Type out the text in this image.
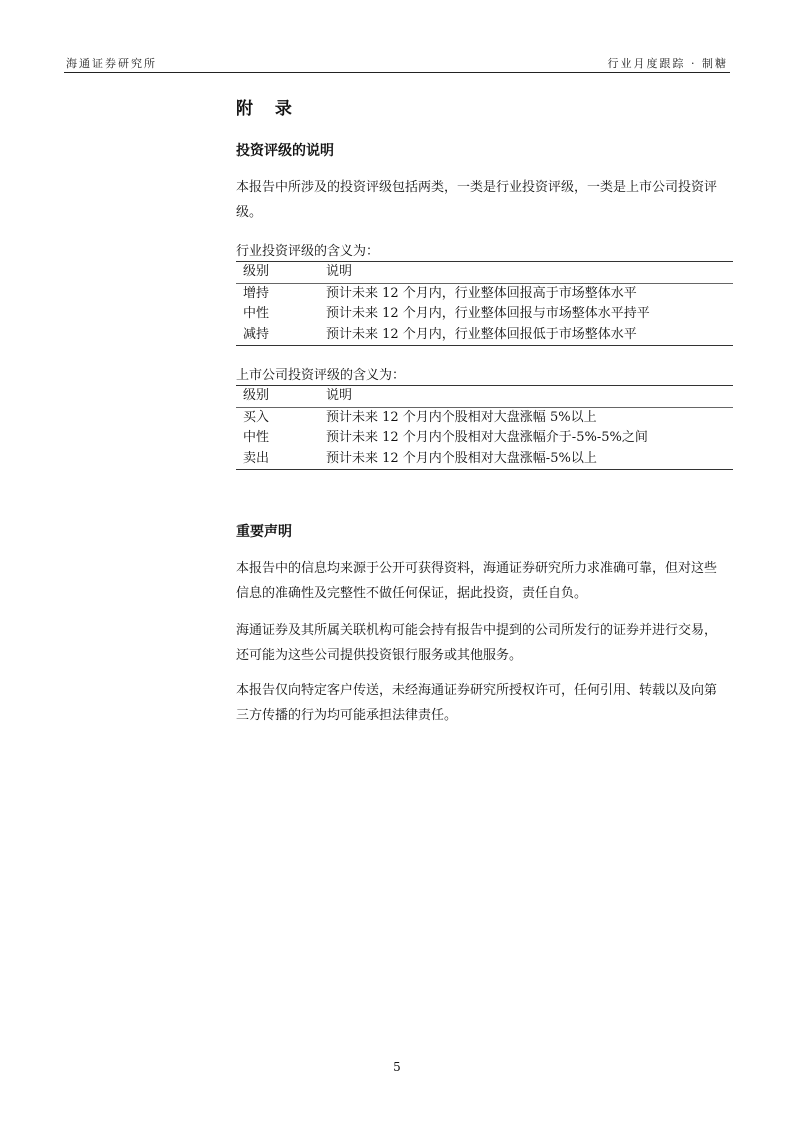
海通证券研究所	行业月度跟踪 · 制糖
附 录
投资评级的说明
本报告中所涉及的投资评级包括两类，一类是行业投资评级，一类是上市公司投资评级。
行业投资评级的含义为：
级别	说明
增持	预计未来 12 个月内，行业整体回报高于市场整体水平
中性	预计未来 12 个月内，行业整体回报与市场整体水平持平
减持	预计未来 12 个月内，行业整体回报低于市场整体水平
上市公司投资评级的含义为：
级别	说明
买入	预计未来 12 个月内个股相对大盘涨幅 5%以上
中性	预计未来 12 个月内个股相对大盘涨幅介于-5%-5%之间
卖出	预计未来 12 个月内个股相对大盘涨幅-5%以上
重要声明
本报告中的信息均来源于公开可获得资料，海通证券研究所力求准确可靠，但对这些信息的准确性及完整性不做任何保证，据此投资，责任自负。
海通证券及其所属关联机构可能会持有报告中提到的公司所发行的证券并进行交易，还可能为这些公司提供投资银行服务或其他服务。
本报告仅向特定客户传送，未经海通证券研究所授权许可，任何引用、转载以及向第三方传播的行为均可能承担法律责任。
5
